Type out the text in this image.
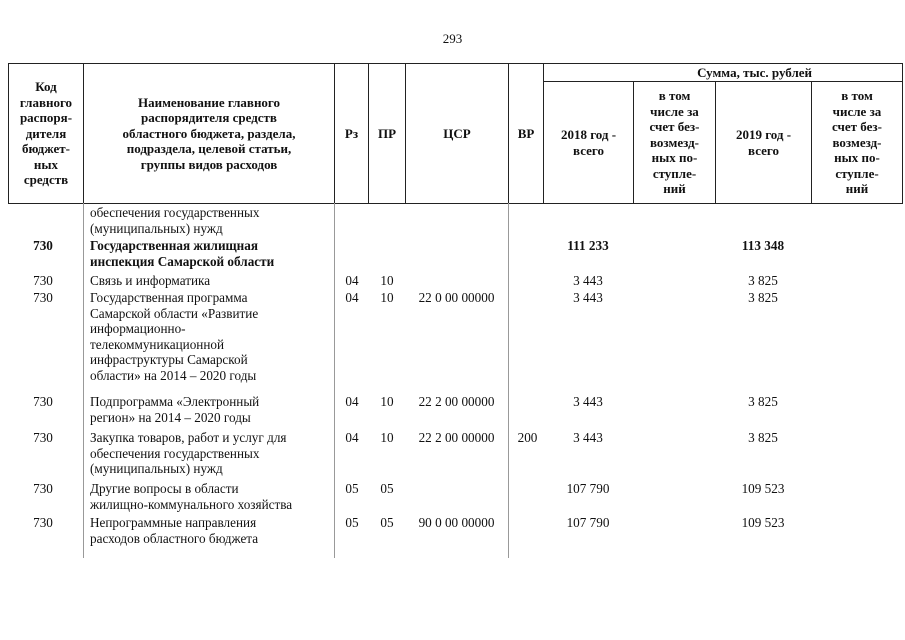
293
Код
главного
распоря-
дителя
бюджет-
ных
средств
Наименование главного
распорядителя средств
областного бюджета, раздела,
подраздела, целевой статьи,
группы видов расходов
Рз	ПР	ЦСР	ВР
Сумма, тыс. рублей
2018 год -
всего
в том
числе за
счет без-
возмезд-
ных по-
ступле-
ний
2019 год -
всего
в том
числе за
счет без-
возмезд-
ных по-
ступле-
ний
обеспечения государственных
(муниципальных) нужд
730	Государственная жилищная
инспекция Самарской области
111 233	113 348
730	Связь и информатика	04	10	3 443	3 825
730	Государственная программа
Самарской области «Развитие
информационно-
телекоммуникационной
инфраструктуры Самарской
области» на 2014 – 2020 годы
04	10	22 0 00 00000	3 443	3 825
730	Подпрограмма «Электронный
регион» на 2014 – 2020 годы
04	10	22 2 00 00000	3 443	3 825
730	Закупка товаров, работ и услуг для
обеспечения государственных
(муниципальных) нужд
04	10	22 2 00 00000	200	3 443	3 825
730	Другие вопросы в области
жилищно-коммунального хозяйства
05	05	107 790	109 523
730	Непрограммные направления
расходов областного бюджета
05	05	90 0 00 00000	107 790	109 523
